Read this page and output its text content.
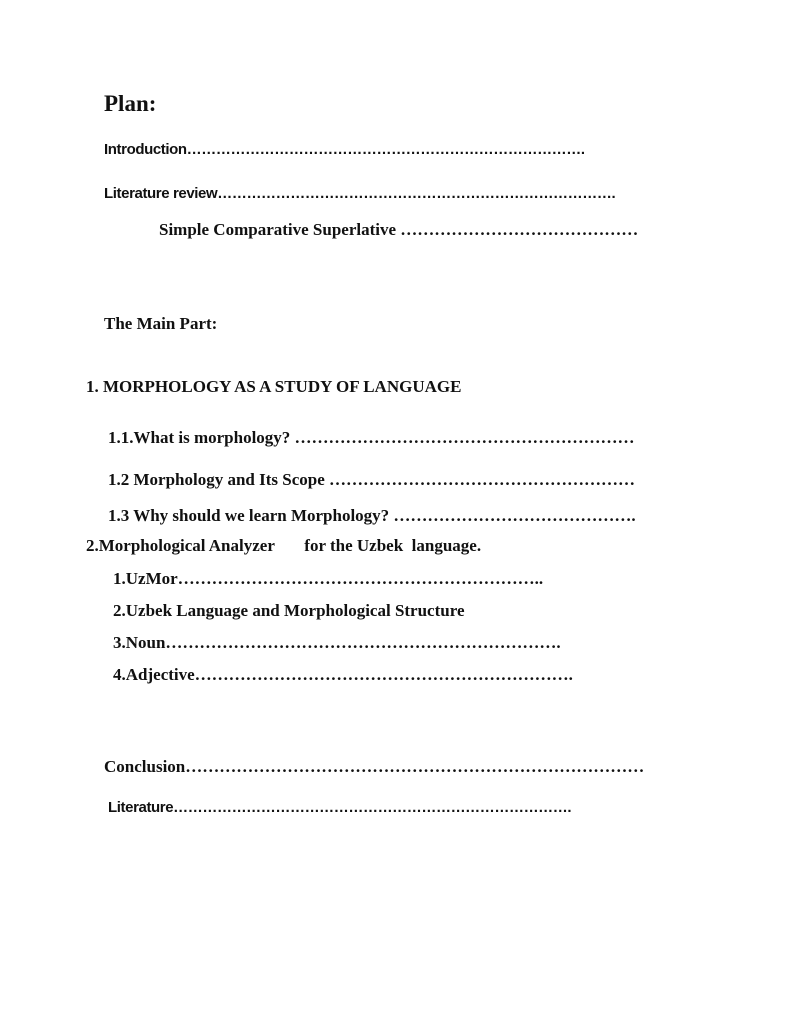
Plan:
Introduction……………………………………………………………………….
Literature review……………………………………………………………………….
Simple Comparative Superlative ……………………………………
The Main Part:
1. MORPHOLOGY AS A STUDY OF LANGUAGE
1.1.What is morphology? ……………………………………………………
1.2 Morphology and Its Scope ………………………………………………
1.3 Why should we learn Morphology? …………………………………….
2.Morphological Analyzer       for the Uzbek  language.
1.UzMor………………………………………………………..
2.Uzbek Language and Morphological Structure
3.Noun…………………………………………………………….
4.Adjective………………………………………………………….
Conclusion………………………………………………………………………
Literature……………………………………………………………………….
